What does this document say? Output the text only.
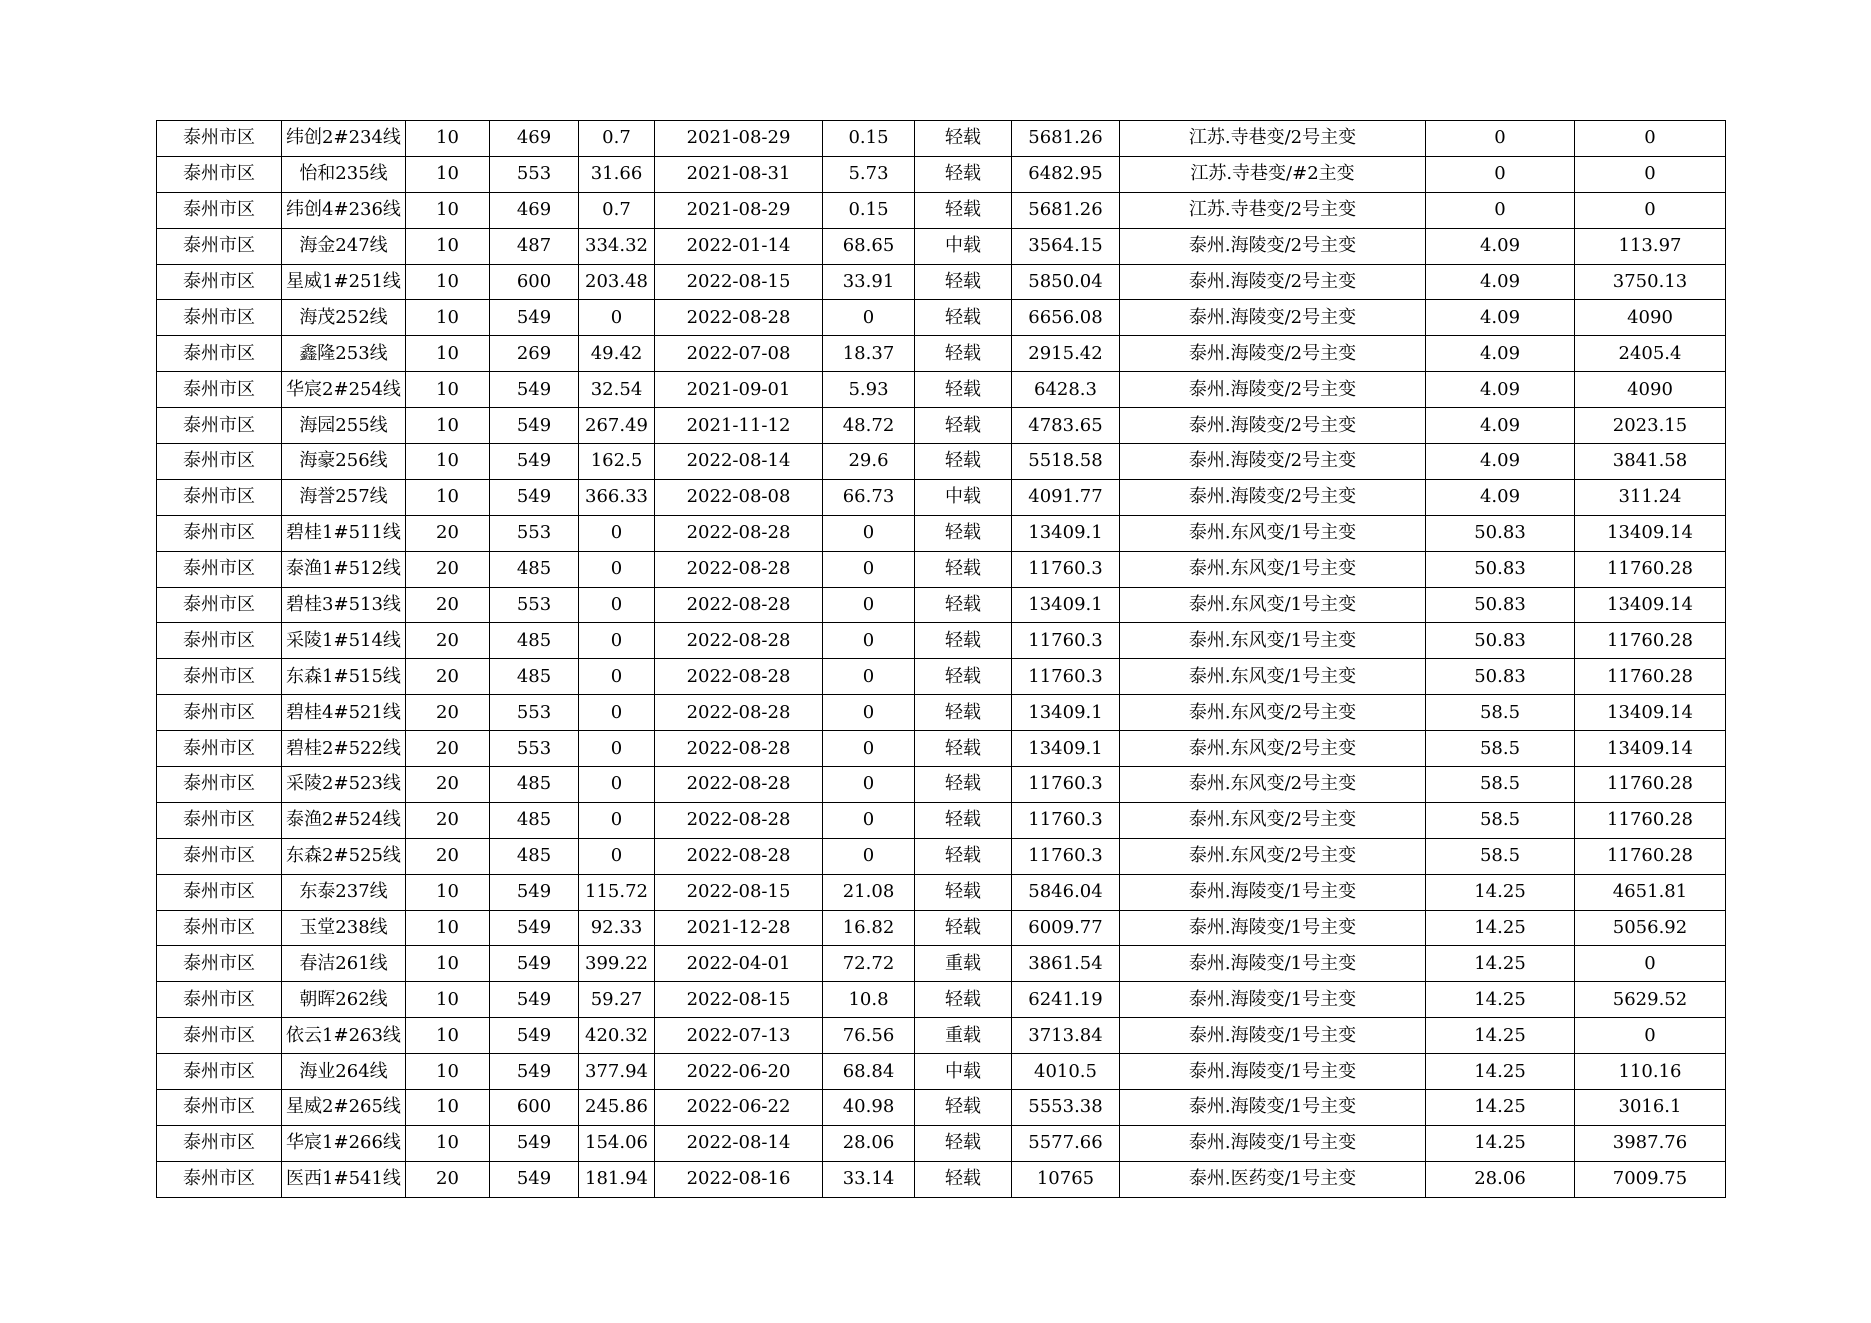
泰州市区	纬创2#234线	10	469	0.7	2021-08-29	0.15	轻载	5681.26	江苏.寺巷变/2号主变	0	0
泰州市区	怡和235线	10	553	31.66	2021-08-31	5.73	轻载	6482.95	江苏.寺巷变/#2主变	0	0
泰州市区	纬创4#236线	10	469	0.7	2021-08-29	0.15	轻载	5681.26	江苏.寺巷变/2号主变	0	0
泰州市区	海金247线	10	487	334.32	2022-01-14	68.65	中载	3564.15	泰州.海陵变/2号主变	4.09	113.97
泰州市区	星威1#251线	10	600	203.48	2022-08-15	33.91	轻载	5850.04	泰州.海陵变/2号主变	4.09	3750.13
泰州市区	海茂252线	10	549	0	2022-08-28	0	轻载	6656.08	泰州.海陵变/2号主变	4.09	4090
泰州市区	鑫隆253线	10	269	49.42	2022-07-08	18.37	轻载	2915.42	泰州.海陵变/2号主变	4.09	2405.4
泰州市区	华宸2#254线	10	549	32.54	2021-09-01	5.93	轻载	6428.3	泰州.海陵变/2号主变	4.09	4090
泰州市区	海园255线	10	549	267.49	2021-11-12	48.72	轻载	4783.65	泰州.海陵变/2号主变	4.09	2023.15
泰州市区	海豪256线	10	549	162.5	2022-08-14	29.6	轻载	5518.58	泰州.海陵变/2号主变	4.09	3841.58
泰州市区	海誉257线	10	549	366.33	2022-08-08	66.73	中载	4091.77	泰州.海陵变/2号主变	4.09	311.24
泰州市区	碧桂1#511线	20	553	0	2022-08-28	0	轻载	13409.1	泰州.东风变/1号主变	50.83	13409.14
泰州市区	泰渔1#512线	20	485	0	2022-08-28	0	轻载	11760.3	泰州.东风变/1号主变	50.83	11760.28
泰州市区	碧桂3#513线	20	553	0	2022-08-28	0	轻载	13409.1	泰州.东风变/1号主变	50.83	13409.14
泰州市区	采陵1#514线	20	485	0	2022-08-28	0	轻载	11760.3	泰州.东风变/1号主变	50.83	11760.28
泰州市区	东森1#515线	20	485	0	2022-08-28	0	轻载	11760.3	泰州.东风变/1号主变	50.83	11760.28
泰州市区	碧桂4#521线	20	553	0	2022-08-28	0	轻载	13409.1	泰州.东风变/2号主变	58.5	13409.14
泰州市区	碧桂2#522线	20	553	0	2022-08-28	0	轻载	13409.1	泰州.东风变/2号主变	58.5	13409.14
泰州市区	采陵2#523线	20	485	0	2022-08-28	0	轻载	11760.3	泰州.东风变/2号主变	58.5	11760.28
泰州市区	泰渔2#524线	20	485	0	2022-08-28	0	轻载	11760.3	泰州.东风变/2号主变	58.5	11760.28
泰州市区	东森2#525线	20	485	0	2022-08-28	0	轻载	11760.3	泰州.东风变/2号主变	58.5	11760.28
泰州市区	东泰237线	10	549	115.72	2022-08-15	21.08	轻载	5846.04	泰州.海陵变/1号主变	14.25	4651.81
泰州市区	玉堂238线	10	549	92.33	2021-12-28	16.82	轻载	6009.77	泰州.海陵变/1号主变	14.25	5056.92
泰州市区	春洁261线	10	549	399.22	2022-04-01	72.72	重载	3861.54	泰州.海陵变/1号主变	14.25	0
泰州市区	朝晖262线	10	549	59.27	2022-08-15	10.8	轻载	6241.19	泰州.海陵变/1号主变	14.25	5629.52
泰州市区	依云1#263线	10	549	420.32	2022-07-13	76.56	重载	3713.84	泰州.海陵变/1号主变	14.25	0
泰州市区	海业264线	10	549	377.94	2022-06-20	68.84	中载	4010.5	泰州.海陵变/1号主变	14.25	110.16
泰州市区	星威2#265线	10	600	245.86	2022-06-22	40.98	轻载	5553.38	泰州.海陵变/1号主变	14.25	3016.1
泰州市区	华宸1#266线	10	549	154.06	2022-08-14	28.06	轻载	5577.66	泰州.海陵变/1号主变	14.25	3987.76
泰州市区	医西1#541线	20	549	181.94	2022-08-16	33.14	轻载	10765	泰州.医药变/1号主变	28.06	7009.75
